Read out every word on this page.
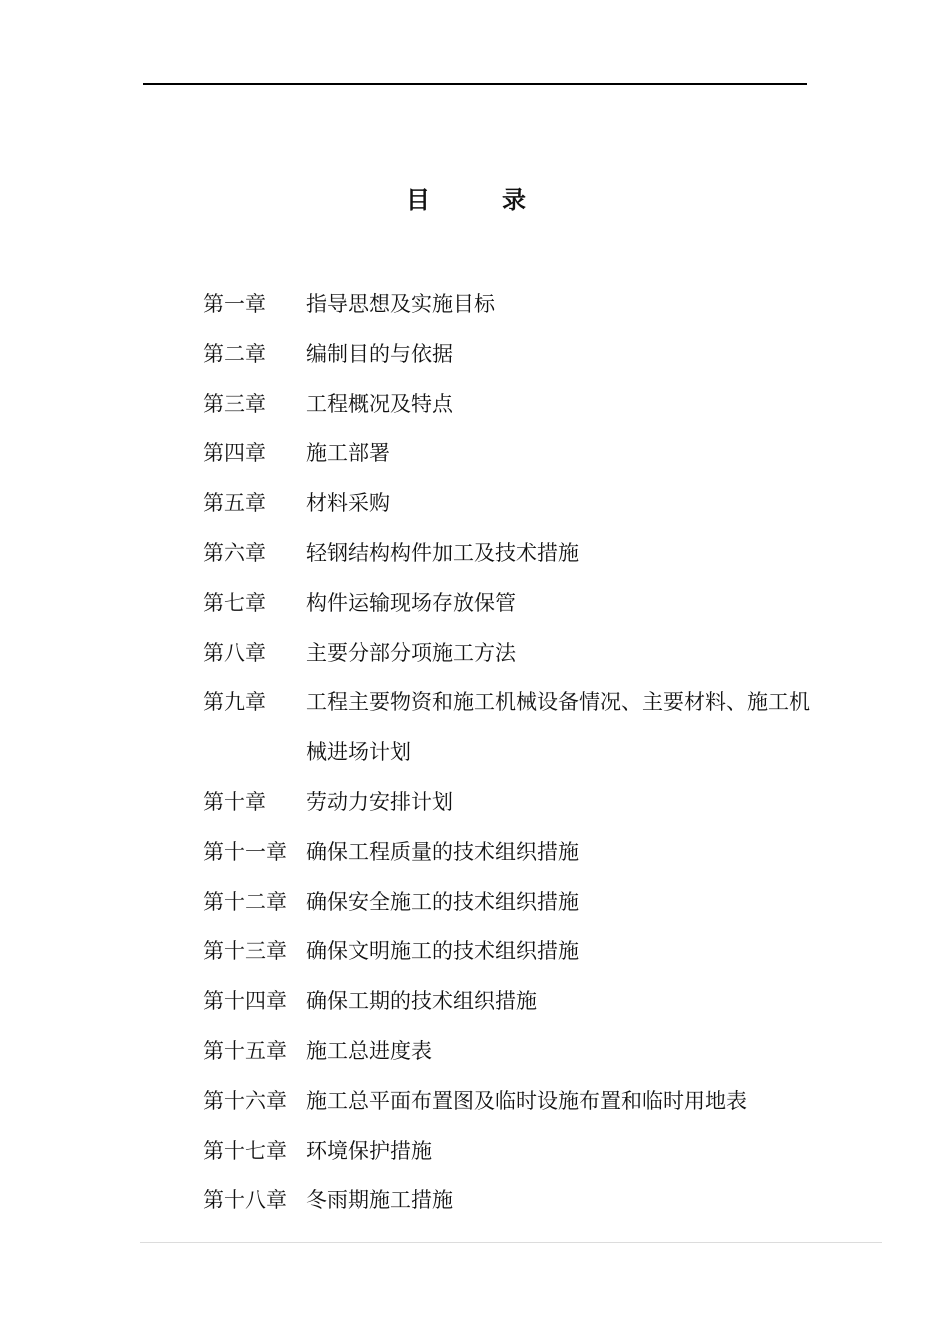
目录
第一章 指导思想及实施目标
第二章 编制目的与依据
第三章 工程概况及特点
第四章 施工部署
第五章 材料采购
第六章 轻钢结构构件加工及技术措施
第七章 构件运输现场存放保管
第八章 主要分部分项施工方法
第九章 工程主要物资和施工机械设备情况、主要材料、施工机械进场计划
第十章 劳动力安排计划
第十一章 确保工程质量的技术组织措施
第十二章 确保安全施工的技术组织措施
第十三章 确保文明施工的技术组织措施
第十四章 确保工期的技术组织措施
第十五章 施工总进度表
第十六章 施工总平面布置图及临时设施布置和临时用地表
第十七章 环境保护措施
第十八章 冬雨期施工措施
